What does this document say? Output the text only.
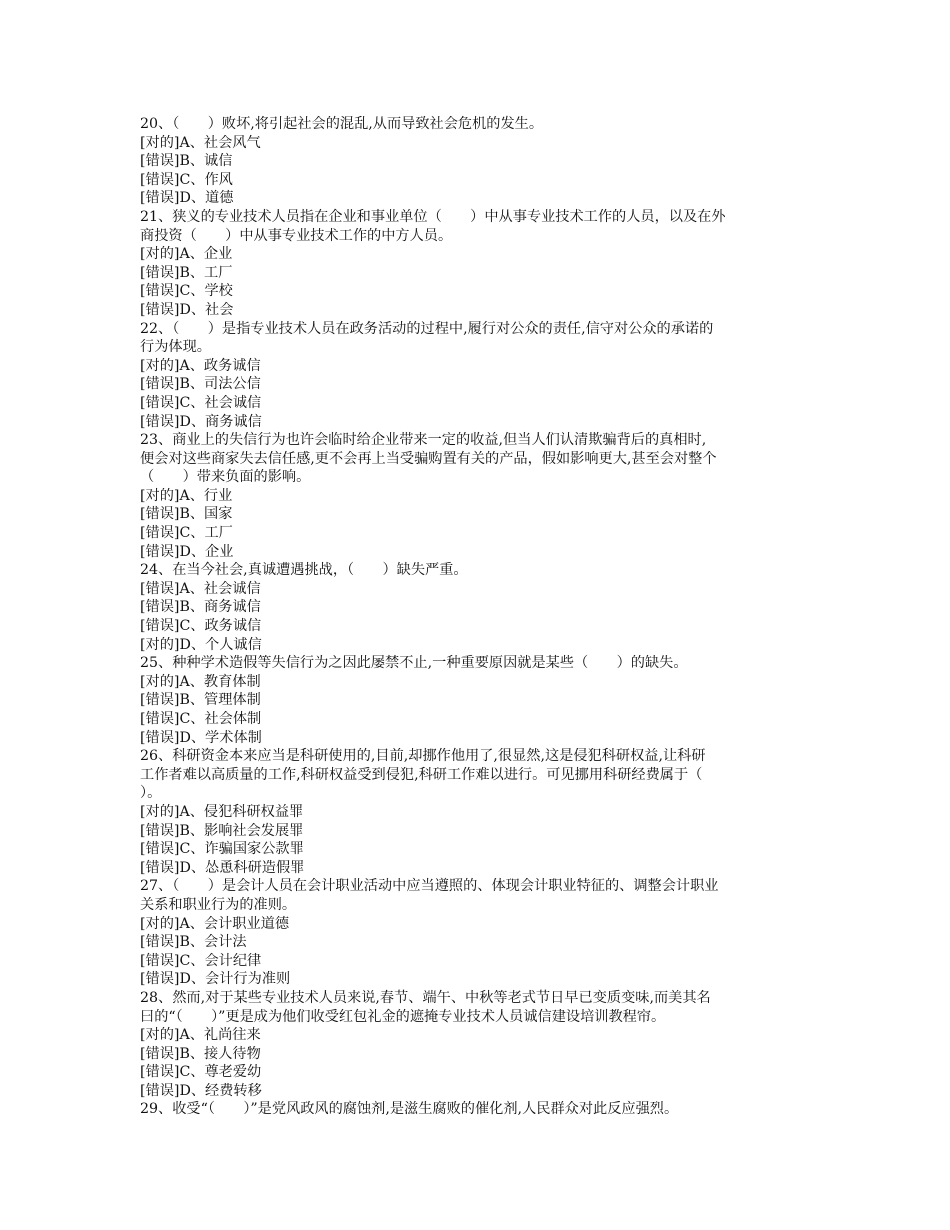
20、（　　）败坏,将引起社会的混乱,从而导致社会危机的发生。
[对的]A、社会风气
[错误]B、诚信
[错误]C、作风
[错误]D、道德
21、狭义的专业技术人员指在企业和事业单位（　　）中从事专业技术工作的人员，以及在外
商投资（　　）中从事专业技术工作的中方人员。
[对的]A、企业
[错误]B、工厂
[错误]C、学校
[错误]D、社会
22、（　　）是指专业技术人员在政务活动的过程中,履行对公众的责任,信守对公众的承诺的
行为体现。
[对的]A、政务诚信
[错误]B、司法公信
[错误]C、社会诚信
[错误]D、商务诚信
23、商业上的失信行为也许会临时给企业带来一定的收益,但当人们认清欺骗背后的真相时,
便会对这些商家失去信任感,更不会再上当受骗购置有关的产品，假如影响更大,甚至会对整个
（　　）带来负面的影响。
[对的]A、行业
[错误]B、国家
[错误]C、工厂
[错误]D、企业
24、在当今社会,真诚遭遇挑战，（　　）缺失严重。
[错误]A、社会诚信
[错误]B、商务诚信
[错误]C、政务诚信
[对的]D、个人诚信
25、种种学术造假等失信行为之因此屡禁不止,一种重要原因就是某些（　　）的缺失。
[对的]A、教育体制
[错误]B、管理体制
[错误]C、社会体制
[错误]D、学术体制
26、科研资金本来应当是科研使用的,目前,却挪作他用了,很显然,这是侵犯科研权益,让科研
工作者难以高质量的工作,科研权益受到侵犯,科研工作难以进行。可见挪用科研经费属于（
）。
[对的]A、侵犯科研权益罪
[错误]B、影响社会发展罪
[错误]C、诈骗国家公款罪
[错误]D、怂恿科研造假罪
27、（　　）是会计人员在会计职业活动中应当遵照的、体现会计职业特征的、调整会计职业
关系和职业行为的准则。
[对的]A、会计职业道德
[错误]B、会计法
[错误]C、会计纪律
[错误]D、会计行为准则
28、然而,对于某些专业技术人员来说,春节、端午、中秋等老式节日早已变质变味,而美其名
曰的“（　　）”更是成为他们收受红包礼金的遮掩专业技术人员诚信建设培训教程帘。
[对的]A、礼尚往来
[错误]B、接人待物
[错误]C、尊老爱幼
[错误]D、经费转移
29、收受“（　　）”是党风政风的腐蚀剂,是滋生腐败的催化剂,人民群众对此反应强烈。
